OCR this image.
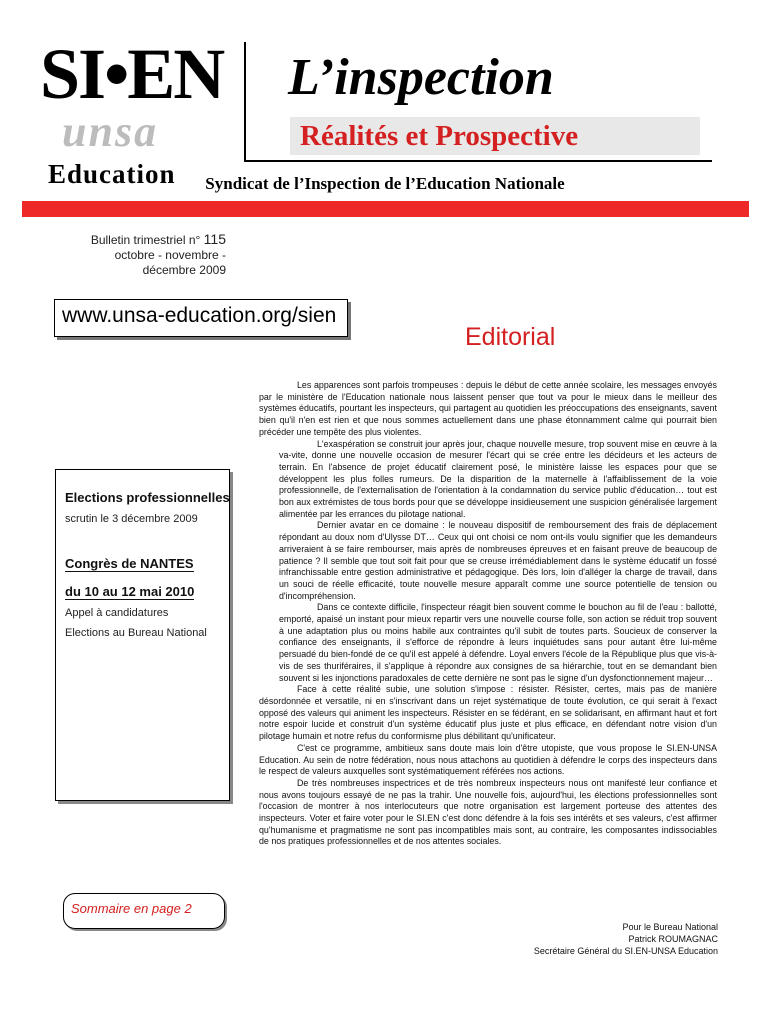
SI•EN
unsa
Education
L’inspection
Réalités et Prospective
Syndicat de l’Inspection de l’Education Nationale
Bulletin trimestriel n° 115
octobre - novembre -
décembre 2009
www.unsa-education.org/sien
Editorial
Elections professionnelles
scrutin le 3 décembre 2009
Congrès de NANTES
du 10 au 12 mai 2010
Appel à candidatures
Elections au Bureau National
Sommaire en page 2

Les apparences sont parfois trompeuses : depuis le début de cette année scolaire, les messages envoyés par le ministère de l'Education nationale nous laissent penser que tout va pour le mieux dans le meilleur des systèmes éducatifs, pourtant les inspecteurs, qui partagent au quotidien les préoccupations des enseignants, savent bien qu'il n'en est rien et que nous sommes actuellement dans une phase étonnamment calme qui pourrait bien précéder une tempête des plus violentes.

L'exaspération se construit jour après jour, chaque nouvelle mesure, trop souvent mise en œuvre à la va-vite, donne une nouvelle occasion de mesurer l'écart qui se crée entre les décideurs et les acteurs de terrain. En l'absence de projet éducatif clairement posé, le ministère laisse les espaces pour que se développent les plus folles rumeurs. De la disparition de la maternelle à l'affaiblissement de la voie professionnelle, de l'externalisation de l'orientation à la condamnation du service public d'éducation… tout est bon aux extrémistes de tous bords pour que se développe insidieusement une suspicion généralisée largement alimentée par les errances du pilotage national.

Dernier avatar en ce domaine : le nouveau dispositif de remboursement des frais de déplacement répondant au doux nom d'Ulysse DT… Ceux qui ont choisi ce nom ont-ils voulu signifier que les demandeurs arriveraient à se faire rembourser, mais après de nombreuses épreuves et en faisant preuve de beaucoup de patience ? Il semble que tout soit fait pour que se creuse irrémédiablement dans le système éducatif un fossé infranchissable entre gestion administrative et pédagogique. Dès lors, loin d'alléger la charge de travail, dans un souci de réelle efficacité, toute nouvelle mesure apparaît comme une source potentielle de tension ou d'incompréhension.

Dans ce contexte difficile, l'inspecteur réagit bien souvent comme le bouchon au fil de l'eau : ballotté, emporté, apaisé un instant pour mieux repartir vers une nouvelle course folle, son action se réduit trop souvent à une adaptation plus ou moins habile aux contraintes qu'il subit de toutes parts. Soucieux de conserver la confiance des enseignants, il s'efforce de répondre à leurs inquiétudes sans pour autant être lui-même persuadé du bien-fondé de ce qu'il est appelé à défendre. Loyal envers l'école de la République plus que vis-à-vis de ses thuriféraires, il s'applique à répondre aux consignes de sa hiérarchie, tout en se demandant bien souvent si les injonctions paradoxales de cette dernière ne sont pas le signe d'un dysfonctionnement majeur…

Face à cette réalité subie, une solution s'impose : résister. Résister, certes, mais pas de manière désordonnée et versatile, ni en s'inscrivant dans un rejet systématique de toute évolution, ce qui serait à l'exact opposé des valeurs qui animent les inspecteurs. Résister en se fédérant, en se solidarisant, en affirmant haut et fort notre espoir lucide et construit d'un système éducatif plus juste et plus efficace, en défendant notre vision d'un pilotage humain et notre refus du conformisme plus débilitant qu'unificateur.

C'est ce programme, ambitieux sans doute mais loin d'être utopiste, que vous propose le SI.EN-UNSA Education. Au sein de notre fédération, nous nous attachons au quotidien à défendre le corps des inspecteurs dans le respect de valeurs auxquelles sont systématiquement référées nos actions.

De très nombreuses inspectrices et de très nombreux inspecteurs nous ont manifesté leur confiance et nous avons toujours essayé de ne pas la trahir. Une nouvelle fois, aujourd'hui, les élections professionnelles sont l'occasion de montrer à nos interlocuteurs que notre organisation est largement porteuse des attentes des inspecteurs. Voter et faire voter pour le SI.EN c'est donc défendre à la fois ses intérêts et ses valeurs, c'est affirmer qu'humanisme et pragmatisme ne sont pas incompatibles mais sont, au contraire, les composantes indissociables de nos pratiques professionnelles et de nos attentes sociales.

Pour le Bureau National
Patrick ROUMAGNAC
Secrétaire Général du SI.EN-UNSA Education
